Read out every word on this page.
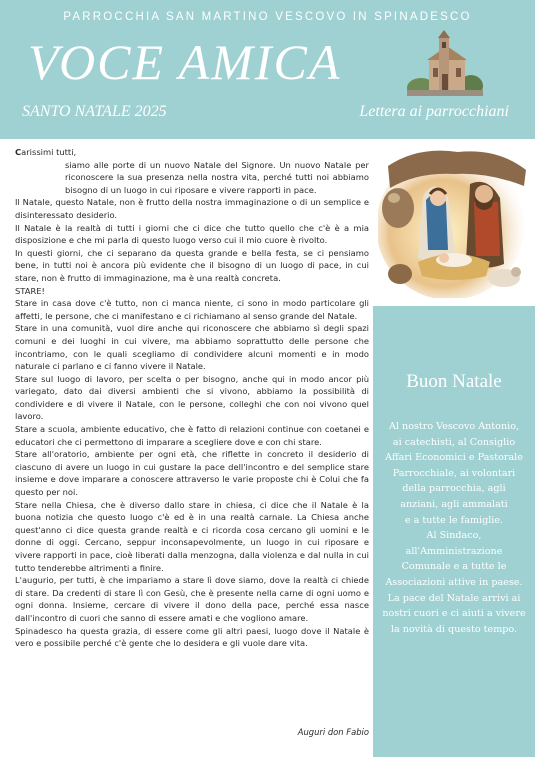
PARROCCHIA SAN MARTINO VESCOVO IN SPINADESCO
VOCE AMICA
SANTO NATALE 2025	Lettera ai parrocchiani

Carissimi tutti,

siamo alle porte di un nuovo Natale del Signore. Un nuovo Natale per riconoscere la sua presenza nella nostra vita, perché tutti noi abbiamo bisogno di un luogo in cui riposare e vivere rapporti in pace.

Il Natale, questo Natale, non è frutto della nostra immaginazione o di un semplice e disinteressato desiderio.

Il Natale è la realtà di tutti i giorni che ci dice che tutto quello che c'è è a mia disposizione e che mi parla di questo luogo verso cui il mio cuore è rivolto.

In questi giorni, che ci separano da questa grande e bella festa, se ci pensiamo bene, in tutti noi è ancora più evidente che il bisogno di un luogo di pace, in cui stare, non è frutto di immaginazione, ma è una realtà concreta.

STARE!

Stare in casa dove c'è tutto, non ci manca niente, ci sono in modo particolare gli affetti, le persone, che ci manifestano e ci richiamano al senso grande del Natale.

Stare in una comunità, vuol dire anche qui riconoscere che abbiamo sì degli spazi comuni e dei luoghi in cui vivere, ma abbiamo soprattutto delle persone che incontriamo, con le quali scegliamo di condividere alcuni momenti e in modo naturale ci parlano e ci fanno vivere il Natale.

Stare sul luogo di lavoro, per scelta o per bisogno, anche qui in modo ancor più variegato, dato dai diversi ambienti che si vivono, abbiamo la possibilità di condividere e di vivere il Natale, con le persone, colleghi che con noi vivono quel lavoro.

Stare a scuola, ambiente educativo, che è fatto di relazioni continue con coetanei e educatori che ci permettono di imparare a scegliere dove e con chi stare.

Stare all'oratorio, ambiente per ogni età, che riflette in concreto il desiderio di ciascuno di avere un luogo in cui gustare la pace dell'incontro e del semplice stare insieme e dove imparare a conoscere attraverso le varie proposte chi è Colui che fa questo per noi.

Stare nella Chiesa, che è diverso dallo stare in chiesa, ci dice che il Natale è la buona notizia che questo luogo c'è ed è in una realtà carnale. La Chiesa anche quest'anno ci dice questa grande realtà e ci ricorda cosa cercano gli uomini e le donne di oggi. Cercano, seppur inconsapevolmente, un luogo in cui riposare e vivere rapporti in pace, cioè liberati dalla menzogna, dalla violenza e dal nulla in cui tutto tenderebbe altrimenti a finire.

L'augurio, per tutti, è che impariamo a stare lì dove siamo, dove la realtà ci chiede di stare. Da credenti di stare lì con Gesù, che è presente nella carne di ogni uomo e ogni donna. Insieme, cercare di vivere il dono della pace, perché essa nasce dall'incontro di cuori che sanno di essere amati e che vogliono amare.

Spinadesco ha questa grazia, di essere come gli altri paesi, luogo dove il Natale è vero e possibile perché c'è gente che lo desidera e gli vuole dare vita.

Auguri don Fabio
Buon Natale
Al nostro Vescovo Antonio,
ai catechisti, al Consiglio
Affari Economici e Pastorale
Parrocchiale, ai volontari
della parrocchia, agli
anziani, agli ammalati
e a tutte le famiglie.
Al Sindaco,
all'Amministrazione
Comunale e a tutte le
Associazioni attive in paese.
La pace del Natale arrivi ai
nostri cuori e ci aiuti a vivere
la novità di questo tempo.
